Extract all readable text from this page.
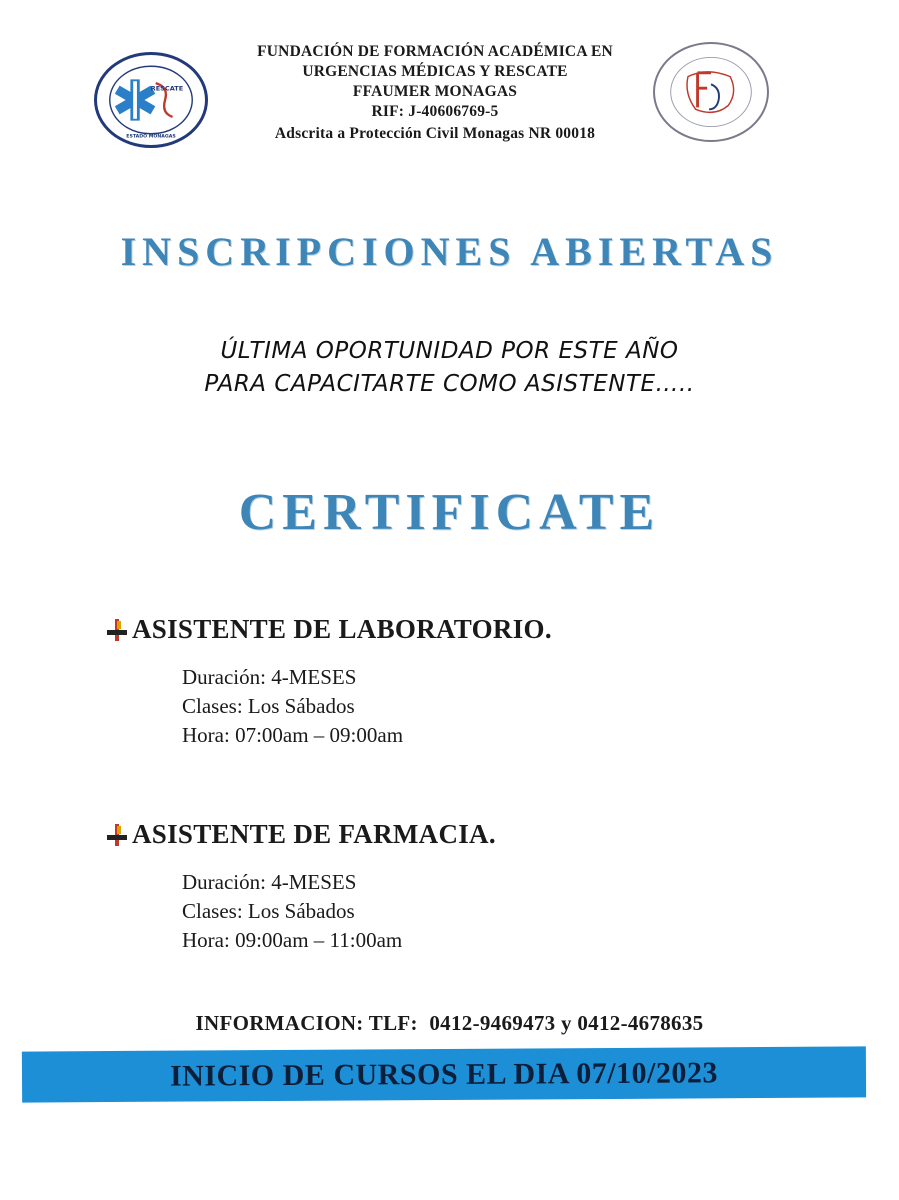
RESCATE
ESTADO MONAGAS
FUNDACIÓN DE FORMACIÓN ACADÉMICA EN
URGENCIAS MÉDICAS Y RESCATE
FFAUMER MONAGAS
RIF: J-40606769-5
Adscrita a Protección Civil Monagas NR 00018
INSCRIPCIONES ABIERTAS
ÚLTIMA OPORTUNIDAD POR ESTE AÑO
PARA CAPACITARTE COMO ASISTENTE…..
CERTIFICATE
ASISTENTE DE LABORATORIO.
Duración: 4-MESES
Clases: Los Sábados
Hora: 07:00am – 09:00am
ASISTENTE DE FARMACIA.
Duración: 4-MESES
Clases: Los Sábados
Hora: 09:00am – 11:00am
INFORMACION: TLF: 0412-9469473 y 0412-4678635
INICIO DE CURSOS EL DIA 07/10/2023
